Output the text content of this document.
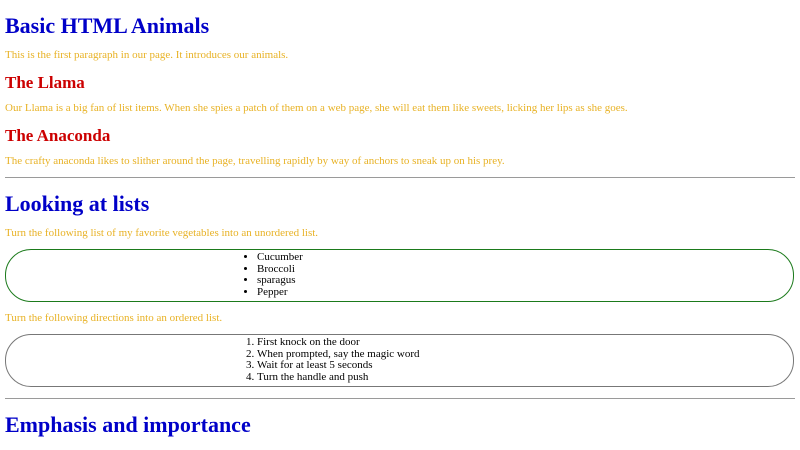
Basic HTML Animals

This is the first paragraph in our page. It introduces our animals.

The Llama

Our Llama is a big fan of list items. When she spies a patch of them on a web page, she will eat them like sweets, licking her lips as she goes.

The Anaconda

The crafty anaconda likes to slither around the page, travelling rapidly by way of anchors to sneak up on his prey.

Looking at lists

Turn the following list of my favorite vegetables into an unordered list.

• Cucumber
• Broccoli
• sparagus
• Pepper

Turn the following directions into an ordered list.

1. First knock on the door
2. When prompted, say the magic word
3. Wait for at least 5 seconds
4. Turn the handle and push
Emphasis and importance
